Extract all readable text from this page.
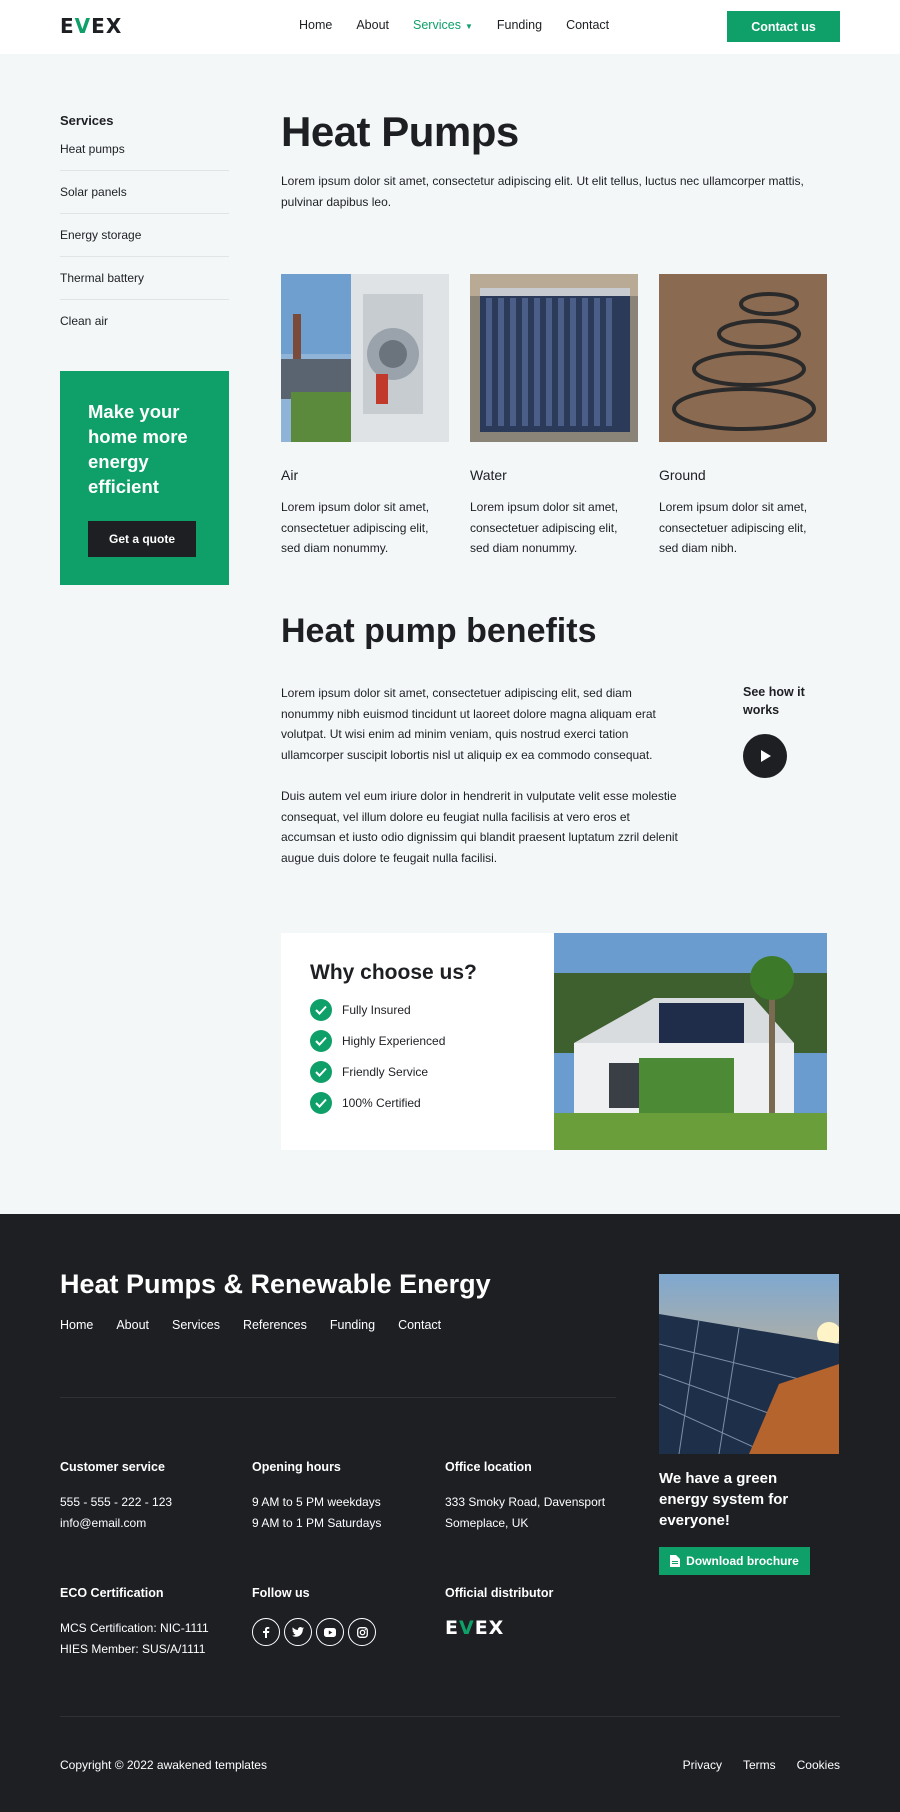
EVEX	Home About Services ▼ Funding Contact	Contact us
Services
Heat pumps
Solar panels
Energy storage
Thermal battery
Clean air
Make your home more energy efficient
Get a quote
Heat Pumps

Lorem ipsum dolor sit amet, consectetur adipiscing elit. Ut elit tellus, luctus nec ullamcorper mattis, pulvinar dapibus leo.

Air

Lorem ipsum dolor sit amet, consectetuer adipiscing elit, sed diam nonummy.

Water

Lorem ipsum dolor sit amet, consectetuer adipiscing elit, sed diam nonummy.

Ground

Lorem ipsum dolor sit amet, consectetuer adipiscing elit, sed diam nibh.

Heat pump benefits

Lorem ipsum dolor sit amet, consectetuer adipiscing elit, sed diam nonummy nibh euismod tincidunt ut laoreet dolore magna aliquam erat volutpat. Ut wisi enim ad minim veniam, quis nostrud exerci tation ullamcorper suscipit lobortis nisl ut aliquip ex ea commodo consequat.

Duis autem vel eum iriure dolor in hendrerit in vulputate velit esse molestie consequat, vel illum dolore eu feugiat nulla facilisis at vero eros et accumsan et iusto odio dignissim qui blandit praesent luptatum zzril delenit augue duis dolore te feugait nulla facilisi.

See how it works
Why choose us?
Fully Insured
Highly Experienced
Friendly Service
100% Certified
Heat Pumps & Renewable Energy
Home About Services References Funding Contact
Customer service
555 - 555 - 222 - 123
info@email.com
Opening hours
9 AM to 5 PM weekdays
9 AM to 1 PM Saturdays
Office location
333 Smoky Road, Davensport
Someplace, UK
ECO Certification
MCS Certification: NIC-1111
HIES Member: SUS/A/1111
Follow us	Official distributor
EVEX
We have a green energy system for everyone!
Download brochure
Copyright © 2022 awakened templates	Privacy Terms Cookies
